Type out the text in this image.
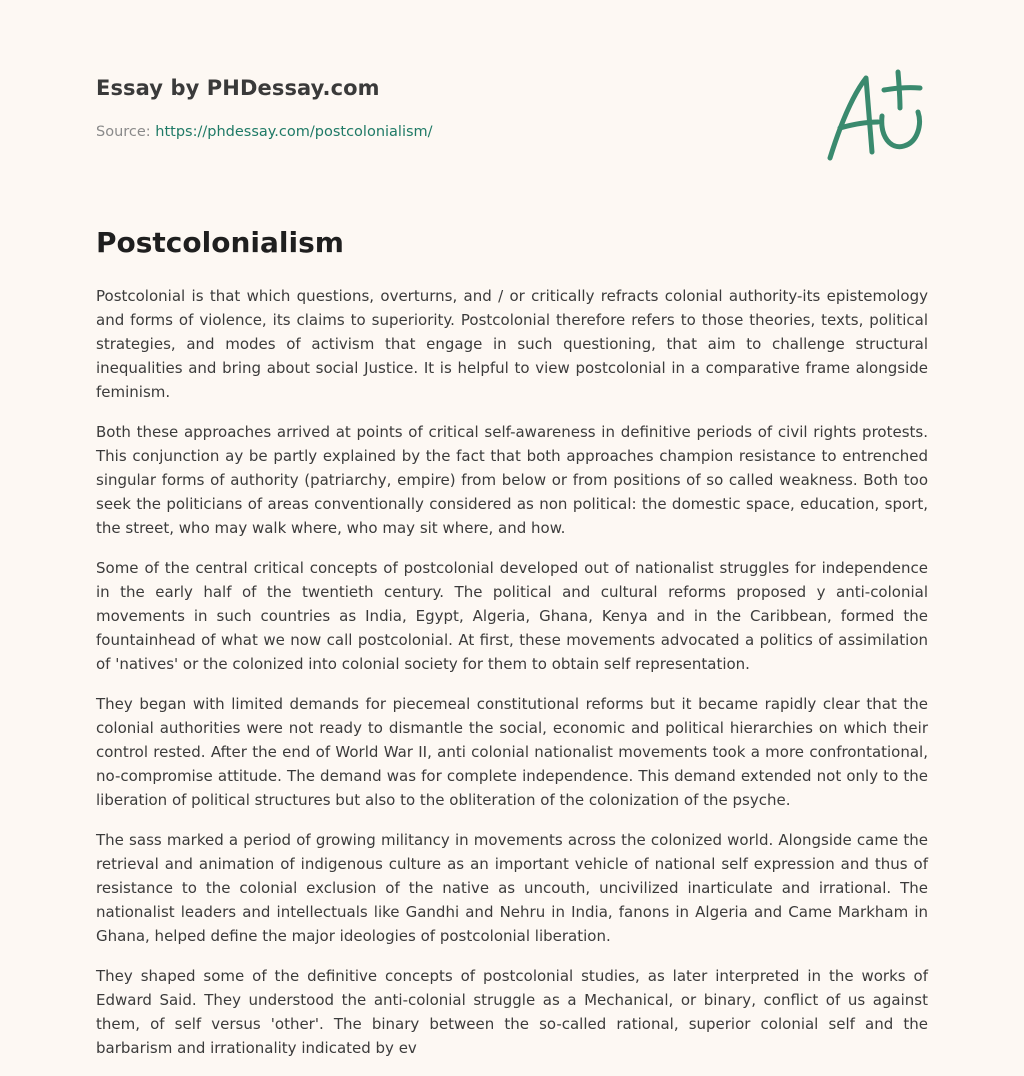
Essay by PHDessay.com
Source: https://phdessay.com/postcolonialism/
Postcolonialism

Postcolonial is that which questions, overturns, and / or critically refracts colonial authority-its epistemology and forms of violence, its claims to superiority. Postcolonial therefore refers to those theories, texts, political strategies, and modes of activism that engage in such questioning, that aim to challenge structural inequalities and bring about social Justice. It is helpful to view postcolonial in a comparative frame alongside feminism.

Both these approaches arrived at points of critical self-awareness in definitive periods of civil rights protests. This conjunction ay be partly explained by the fact that both approaches champion resistance to entrenched singular forms of authority (patriarchy, empire) from below or from positions of so called weakness. Both too seek the politicians of areas conventionally considered as non political: the domestic space, education, sport, the street, who may walk where, who may sit where, and how.

Some of the central critical concepts of postcolonial developed out of nationalist struggles for independence in the early half of the twentieth century. The political and cultural reforms proposed y anti-colonial movements in such countries as India, Egypt, Algeria, Ghana, Kenya and in the Caribbean, formed the fountainhead of what we now call postcolonial. At first, these movements advocated a politics of assimilation of 'natives' or the colonized into colonial society for them to obtain self representation.

They began with limited demands for piecemeal constitutional reforms but it became rapidly clear that the colonial authorities were not ready to dismantle the social, economic and political hierarchies on which their control rested. After the end of World War II, anti colonial nationalist movements took a more confrontational, no-compromise attitude. The demand was for complete independence. This demand extended not only to the liberation of political structures but also to the obliteration of the colonization of the psyche.

The sass marked a period of growing militancy in movements across the colonized world. Alongside came the retrieval and animation of indigenous culture as an important vehicle of national self expression and thus of resistance to the colonial exclusion of the native as uncouth, uncivilized inarticulate and irrational. The nationalist leaders and intellectuals like Gandhi and Nehru in India, fanons in Algeria and Came Markham in Ghana, helped define the major ideologies of postcolonial liberation.

They shaped some of the definitive concepts of postcolonial studies, as later interpreted in the works of Edward Said. They understood the anti-colonial struggle as a Mechanical, or binary, conflict of us against them, of self versus 'other'. The binary between the so-called rational, superior colonial self and the barbarism and irrationality indicated by ev
